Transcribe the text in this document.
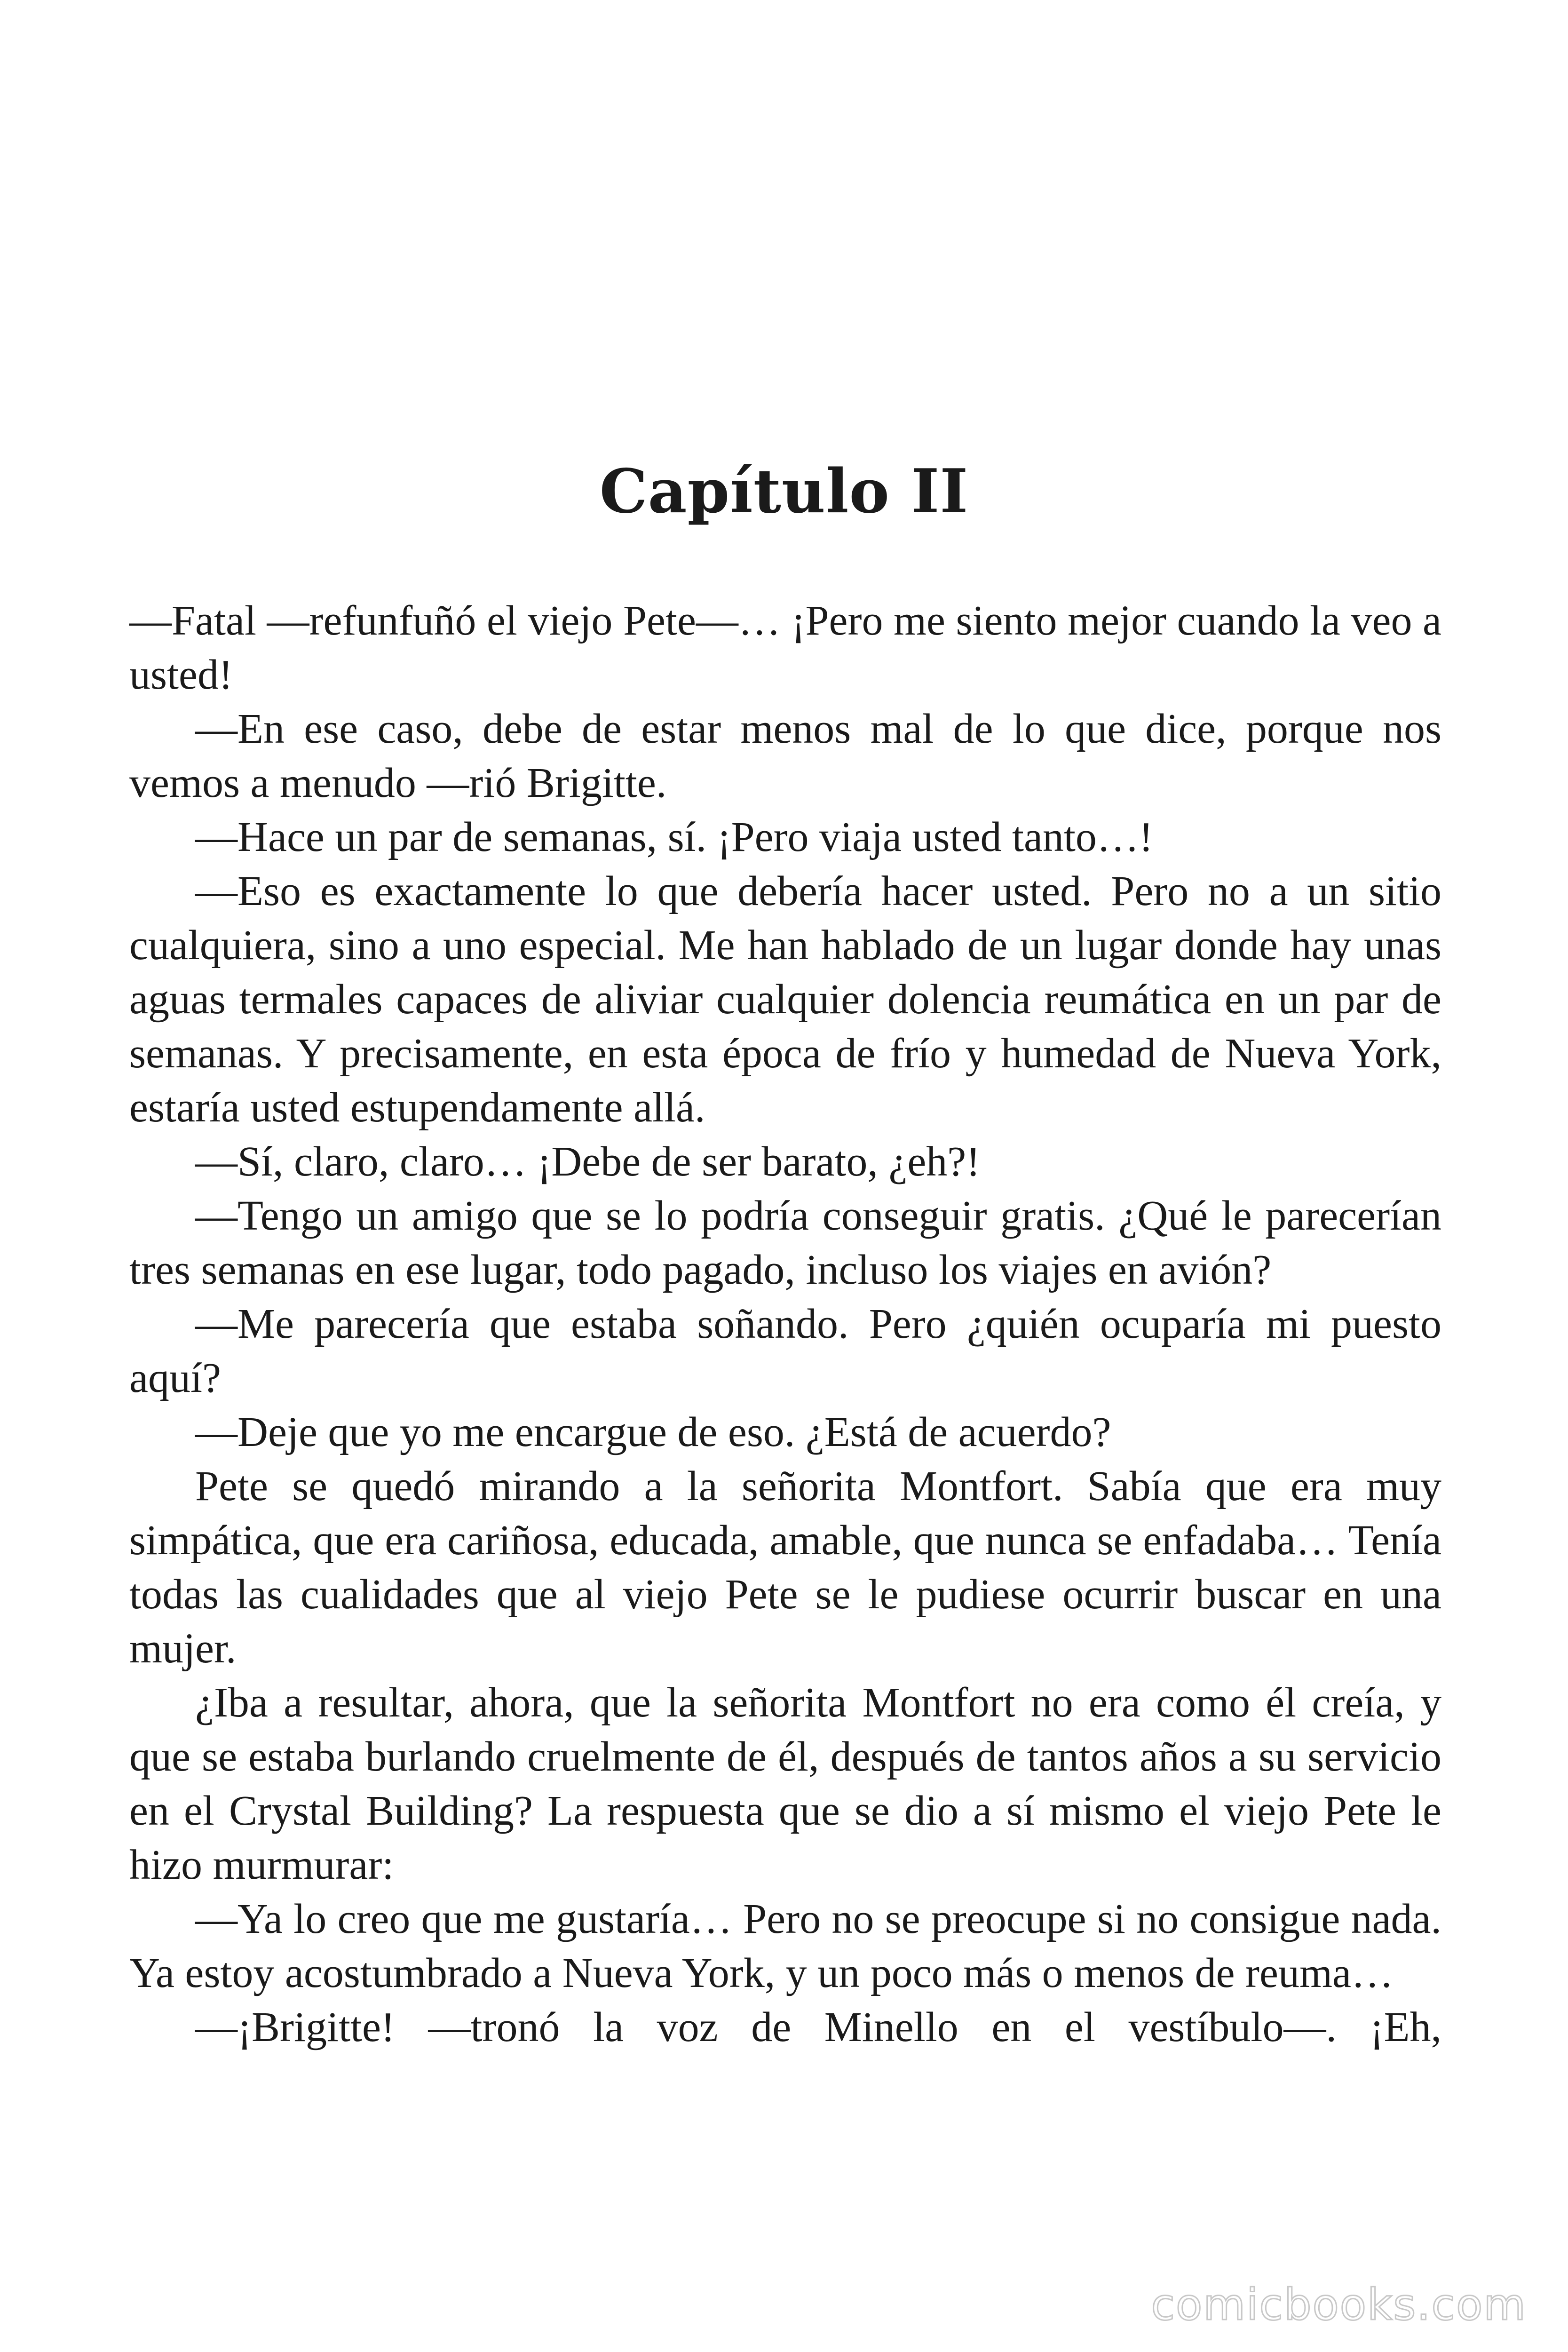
Capítulo II

—Fatal —refunfuñó el viejo Pete—… ¡Pero me siento mejor cuando la veo a usted!

—En ese caso, debe de estar menos mal de lo que dice, porque nos vemos a menudo —rió Brigitte.

—Hace un par de semanas, sí. ¡Pero viaja usted tanto…!

—Eso es exactamente lo que debería hacer usted. Pero no a un sitio cualquiera, sino a uno especial. Me han hablado de un lugar donde hay unas aguas termales capaces de aliviar cualquier dolencia reumática en un par de semanas. Y precisamente, en esta época de frío y humedad de Nueva York, estaría usted estupendamente allá.

—Sí, claro, claro… ¡Debe de ser barato, ¿eh?!

—Tengo un amigo que se lo podría conseguir gratis. ¿Qué le parecerían tres semanas en ese lugar, todo pagado, incluso los viajes en avión?

—Me parecería que estaba soñando. Pero ¿quién ocuparía mi puesto aquí?

—Deje que yo me encargue de eso. ¿Está de acuerdo?

Pete se quedó mirando a la señorita Montfort. Sabía que era muy simpática, que era cariñosa, educada, amable, que nunca se enfadaba… Tenía todas las cualidades que al viejo Pete se le pudiese ocurrir buscar en una mujer.

¿Iba a resultar, ahora, que la señorita Montfort no era como él creía, y que se estaba burlando cruelmente de él, después de tantos años a su servicio en el Crystal Building? La respuesta que se dio a sí mismo el viejo Pete le hizo murmurar:

—Ya lo creo que me gustaría… Pero no se preocupe si no consigue nada. Ya estoy acostumbrado a Nueva York, y un poco más o menos de reuma…

—¡Brigitte! —tronó la voz de Minello en el vestíbulo—. ¡Eh,

comicbooks.com
